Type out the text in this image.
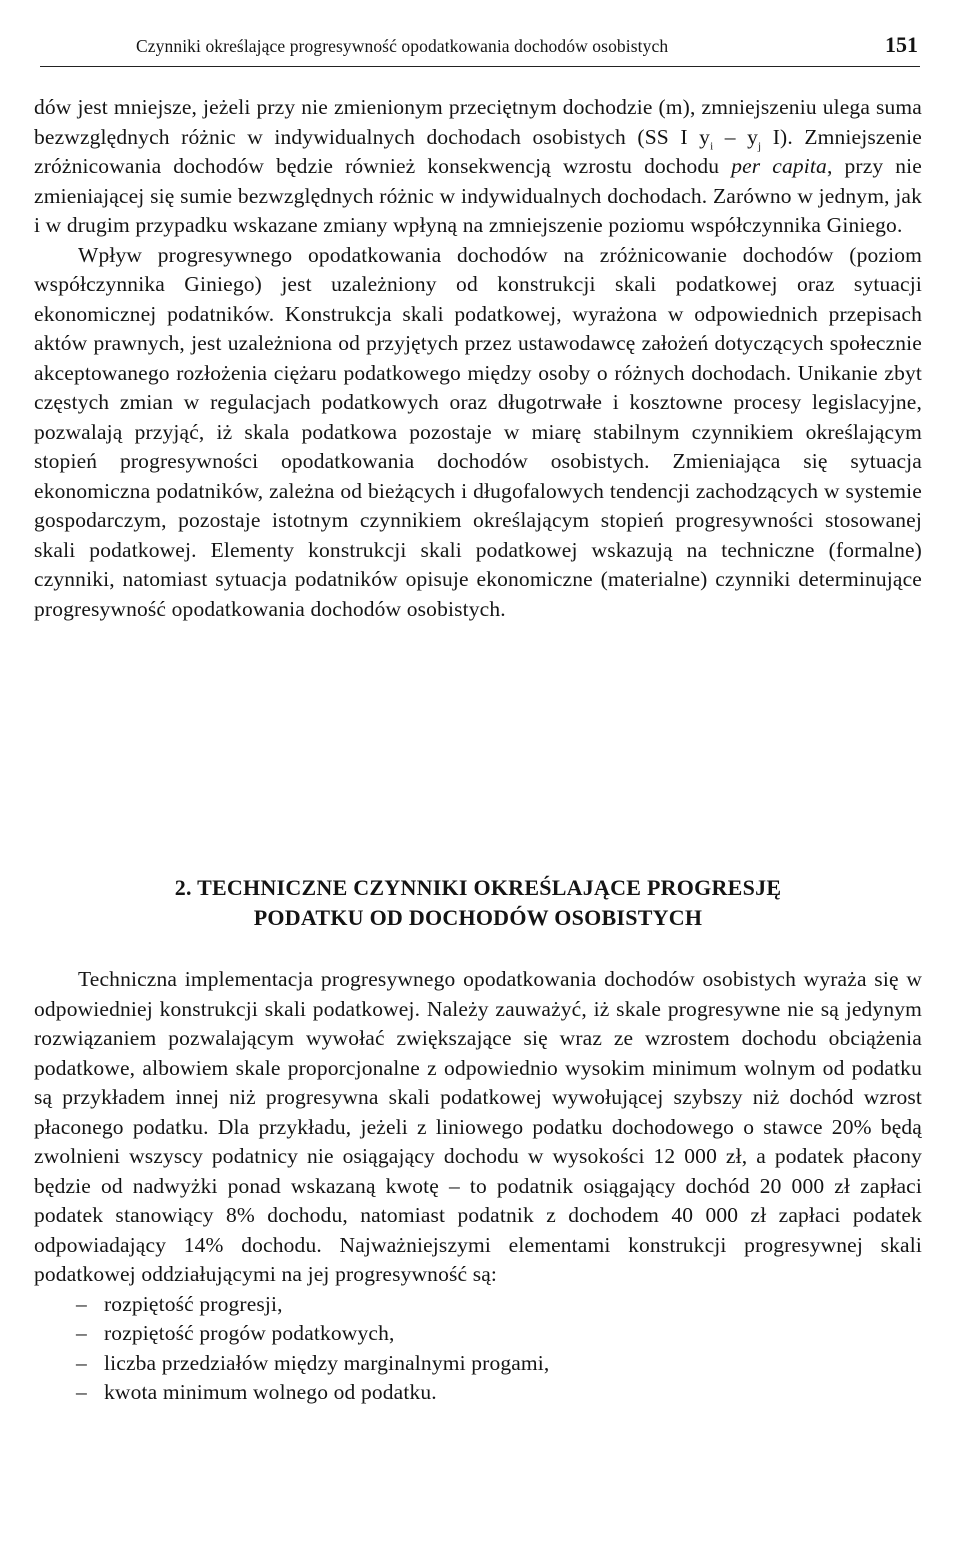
Czynniki określające progresywność opodatkowania dochodów osobistych	151

dów jest mniejsze, jeżeli przy nie zmienionym przeciętnym dochodzie (m), zmniejszeniu ulega suma bezwzględnych różnic w indywidualnych dochodach osobistych (SS I $y_i - y_j$ I). Zmniejszenie zróżnicowania dochodów będzie również konsekwencją wzrostu dochodu per capita, przy nie zmieniającej się sumie bezwzględnych różnic w indywidualnych dochodach. Zarówno w jednym, jak i w drugim przypadku wskazane zmiany wpłyną na zmniejszenie poziomu współczynnika Giniego.

Wpływ progresywnego opodatkowania dochodów na zróżnicowanie dochodów (poziom współczynnika Giniego) jest uzależniony od konstrukcji skali podatkowej oraz sytuacji ekonomicznej podatników. Konstrukcja skali podatkowej, wyrażona w odpowiednich przepisach aktów prawnych, jest uzależniona od przyjętych przez ustawodawcę założeń dotyczących społecznie akceptowanego rozłożenia ciężaru podatkowego między osoby o różnych dochodach. Unikanie zbyt częstych zmian w regulacjach podatkowych oraz długotrwałe i kosztowne procesy legislacyjne, pozwalają przyjąć, iż skala podatkowa pozostaje w miarę stabilnym czynnikiem określającym stopień progresywności opodatkowania dochodów osobistych. Zmieniająca się sytuacja ekonomiczna podatników, zależna od bieżących i długofalowych tendencji zachodzących w systemie gospodarczym, pozostaje istotnym czynnikiem określającym stopień progresywności stosowanej skali podatkowej. Elementy konstrukcji skali podatkowej wskazują na techniczne (formalne) czynniki, natomiast sytuacja podatników opisuje ekonomiczne (materialne) czynniki determinujące progresywność opodatkowania dochodów osobistych.

2. TECHNICZNE CZYNNIKI OKREŚLAJĄCE PROGRESJĘ
PODATKU OD DOCHODÓW OSOBISTYCH

Techniczna implementacja progresywnego opodatkowania dochodów osobistych wyraża się w odpowiedniej konstrukcji skali podatkowej. Należy zauważyć, iż skale progresywne nie są jedynym rozwiązaniem pozwalającym wywołać zwiększające się wraz ze wzrostem dochodu obciążenia podatkowe, albowiem skale proporcjonalne z odpowiednio wysokim minimum wolnym od podatku są przykładem innej niż progresywna skali podatkowej wywołującej szybszy niż dochód wzrost płaconego podatku. Dla przykładu, jeżeli z liniowego podatku dochodowego o stawce 20% będą zwolnieni wszyscy podatnicy nie osiągający dochodu w wysokości 12 000 zł, a podatek płacony będzie od nadwyżki ponad wskazaną kwotę – to podatnik osiągający dochód 20 000 zł zapłaci podatek stanowiący 8% dochodu, natomiast podatnik z dochodem 40 000 zł zapłaci podatek odpowiadający 14% dochodu. Najważniejszymi elementami konstrukcji progresywnej skali podatkowej oddziałującymi na jej progresywność są:

– rozpiętość progresji,
– rozpiętość progów podatkowych,
– liczba przedziałów między marginalnymi progami,
– kwota minimum wolnego od podatku.
